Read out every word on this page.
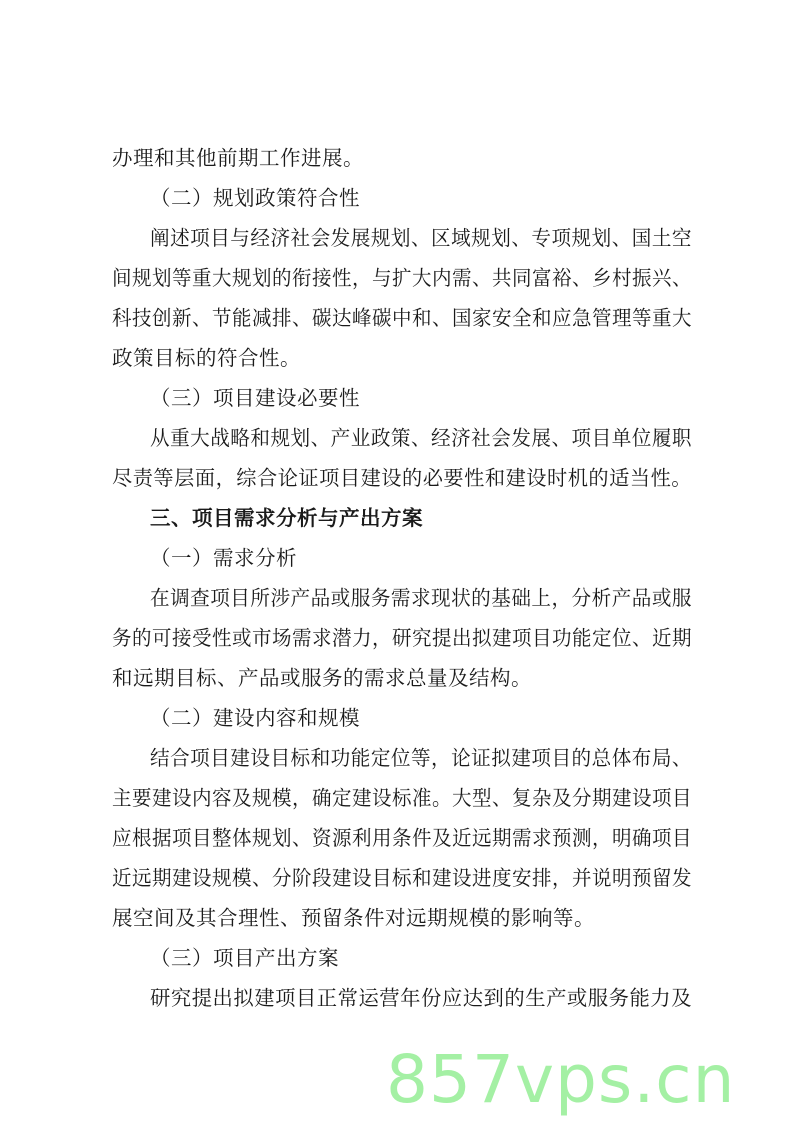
办理和其他前期工作进展。
（二）规划政策符合性
阐述项目与经济社会发展规划、区域规划、专项规划、国土空
间规划等重大规划的衔接性，与扩大内需、共同富裕、乡村振兴、
科技创新、节能减排、碳达峰碳中和、国家安全和应急管理等重大
政策目标的符合性。
（三）项目建设必要性
从重大战略和规划、产业政策、经济社会发展、项目单位履职
尽责等层面，综合论证项目建设的必要性和建设时机的适当性。
三、项目需求分析与产出方案
（一）需求分析
在调查项目所涉产品或服务需求现状的基础上，分析产品或服
务的可接受性或市场需求潜力，研究提出拟建项目功能定位、近期
和远期目标、产品或服务的需求总量及结构。
（二）建设内容和规模
结合项目建设目标和功能定位等，论证拟建项目的总体布局、
主要建设内容及规模，确定建设标准。大型、复杂及分期建设项目
应根据项目整体规划、资源利用条件及近远期需求预测，明确项目
近远期建设规模、分阶段建设目标和建设进度安排，并说明预留发
展空间及其合理性、预留条件对远期规模的影响等。
（三）项目产出方案
研究提出拟建项目正常运营年份应达到的生产或服务能力及
857vps.cn
